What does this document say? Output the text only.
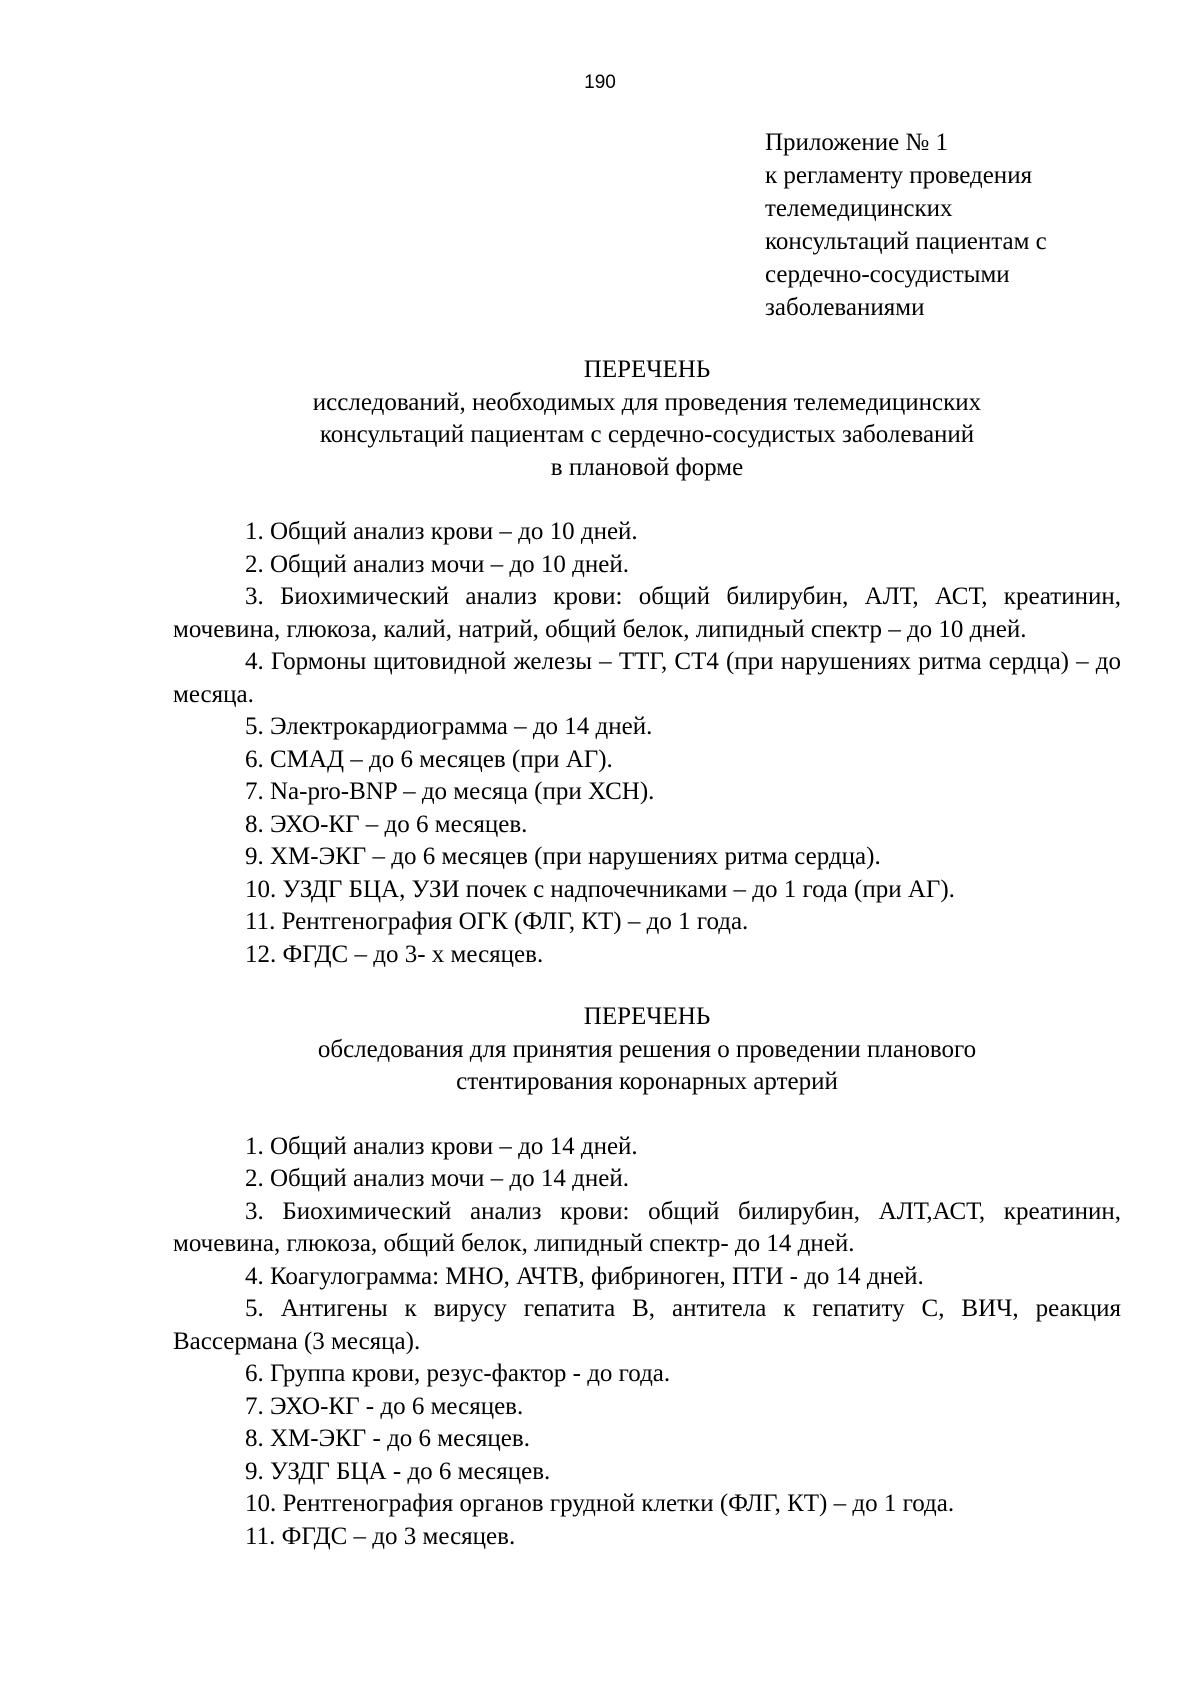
190
Приложение № 1
к регламенту проведения
телемедицинских
консультаций пациентам с
сердечно-сосудистыми
заболеваниями
ПЕРЕЧЕНЬ
исследований, необходимых для проведения телемедицинских
консультаций пациентам с сердечно-сосудистых заболеваний
в плановой форме

1. Общий анализ крови – до 10 дней.

2. Общий анализ мочи – до 10 дней.

3. Биохимический анализ крови: общий билирубин, АЛТ, АСТ, креатинин, мочевина, глюкоза, калий, натрий, общий белок, липидный спектр – до 10 дней.

4. Гормоны щитовидной железы – ТТГ, СТ4 (при нарушениях ритма сердца) – до месяца.

5. Электрокардиограмма – до 14 дней.

6. СМАД – до 6 месяцев (при АГ).

7. Na-pro-BNP – до месяца (при ХСН).

8. ЭХО-КГ – до 6 месяцев.

9. ХМ-ЭКГ – до 6 месяцев (при нарушениях ритма сердца).

10. УЗДГ БЦА, УЗИ почек с надпочечниками – до 1 года (при АГ).

11. Рентгенография ОГК (ФЛГ, КТ) – до 1 года.

12. ФГДС – до 3- х месяцев.

ПЕРЕЧЕНЬ
обследования для принятия решения о проведении планового
стентирования коронарных артерий

1. Общий анализ крови – до 14 дней.

2. Общий анализ мочи – до 14 дней.

3. Биохимический анализ крови: общий билирубин, АЛТ,АСТ, креатинин, мочевина, глюкоза, общий белок, липидный спектр- до 14 дней.

4. Коагулограмма: МНО, АЧТВ, фибриноген, ПТИ - до 14 дней.

5. Антигены к вирусу гепатита В, антитела к гепатиту С, ВИЧ, реакция Вассермана (3 месяца).

6. Группа крови, резус-фактор - до года.

7. ЭХО-КГ - до 6 месяцев.

8. ХМ-ЭКГ - до 6 месяцев.

9. УЗДГ БЦА - до 6 месяцев.

10. Рентгенография органов грудной клетки (ФЛГ, КТ) – до 1 года.

11. ФГДС – до 3 месяцев.
